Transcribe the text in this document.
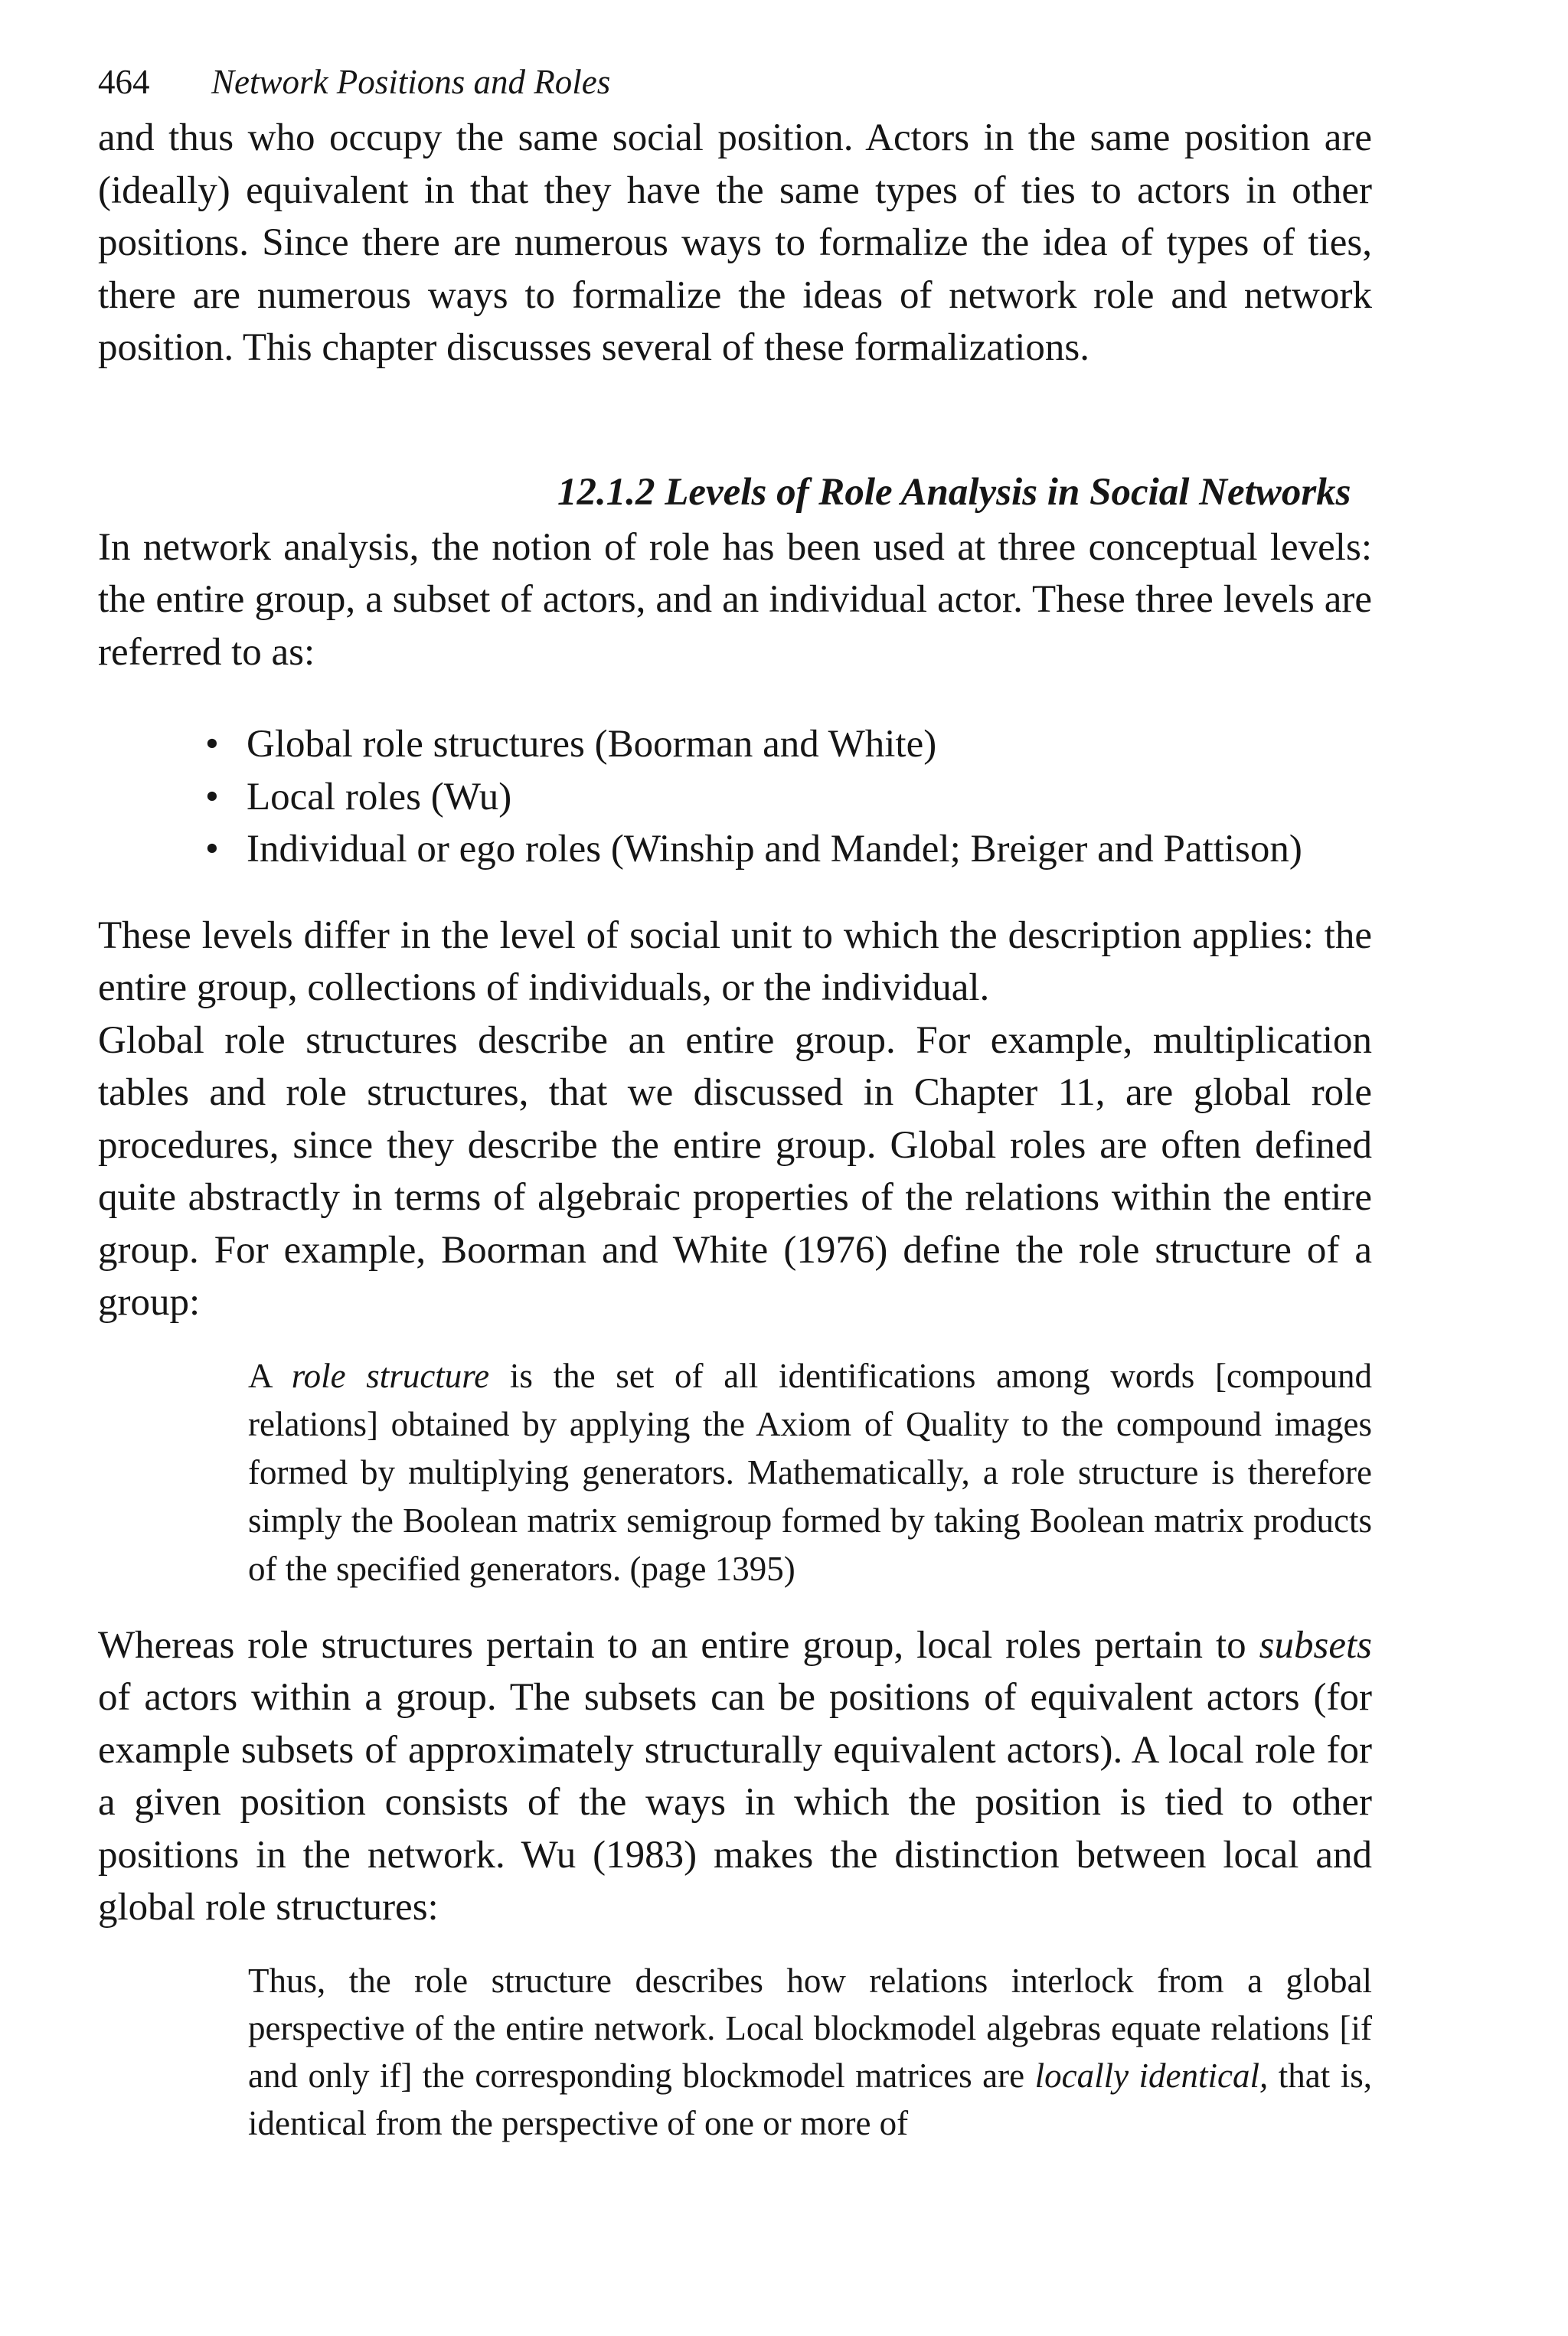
464 Network Positions and Roles

and thus who occupy the same social position. Actors in the same position are (ideally) equivalent in that they have the same types of ties to actors in other positions. Since there are numerous ways to formalize the idea of types of ties, there are numerous ways to formalize the ideas of network role and network position. This chapter discusses several of these formalizations.

12.1.2 Levels of Role Analysis in Social Networks

In network analysis, the notion of role has been used at three conceptual levels: the entire group, a subset of actors, and an individual actor. These three levels are referred to as:

• Global role structures (Boorman and White)
• Local roles (Wu)
• Individual or ego roles (Winship and Mandel; Breiger and Pattison)

These levels differ in the level of social unit to which the description applies: the entire group, collections of individuals, or the individual.

Global role structures describe an entire group. For example, multiplication tables and role structures, that we discussed in Chapter 11, are global role procedures, since they describe the entire group. Global roles are often defined quite abstractly in terms of algebraic properties of the relations within the entire group. For example, Boorman and White (1976) define the role structure of a group:

A role structure is the set of all identifications among words [compound relations] obtained by applying the Axiom of Quality to the compound images formed by multiplying generators. Mathematically, a role structure is therefore simply the Boolean matrix semigroup formed by taking Boolean matrix products of the specified generators. (page 1395)

Whereas role structures pertain to an entire group, local roles pertain to subsets of actors within a group. The subsets can be positions of equivalent actors (for example subsets of approximately structurally equivalent actors). A local role for a given position consists of the ways in which the position is tied to other positions in the network. Wu (1983) makes the distinction between local and global role structures:

Thus, the role structure describes how relations interlock from a global perspective of the entire network. Local blockmodel algebras equate relations [if and only if] the corresponding blockmodel matrices are locally identical, that is, identical from the perspective of one or more of
